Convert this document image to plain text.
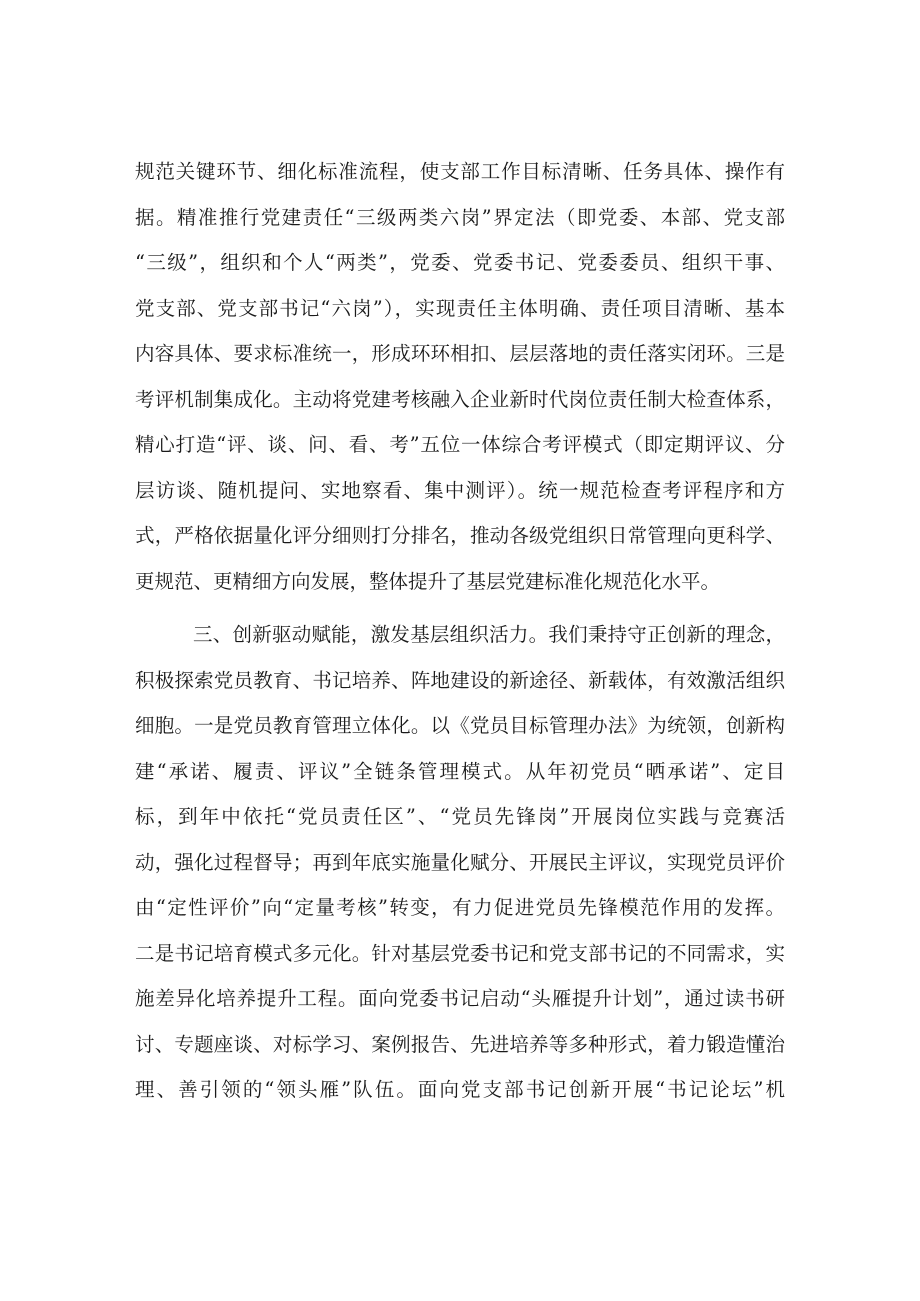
规范关键环节、细化标准流程，使支部工作目标清晰、任务具体、操作有
据。精准推行党建责任“三级两类六岗”界定法（即党委、本部、党支部
“三级”，组织和个人“两类”，党委、党委书记、党委委员、组织干事、
党支部、党支部书记“六岗”），实现责任主体明确、责任项目清晰、基本
内容具体、要求标准统一，形成环环相扣、层层落地的责任落实闭环。三是
考评机制集成化。主动将党建考核融入企业新时代岗位责任制大检查体系，
精心打造“评、谈、问、看、考”五位一体综合考评模式（即定期评议、分
层访谈、随机提问、实地察看、集中测评）。统一规范检查考评程序和方
式，严格依据量化评分细则打分排名，推动各级党组织日常管理向更科学、
更规范、更精细方向发展，整体提升了基层党建标准化规范化水平。
三、创新驱动赋能，激发基层组织活力。我们秉持守正创新的理念，
积极探索党员教育、书记培养、阵地建设的新途径、新载体，有效激活组织
细胞。一是党员教育管理立体化。以《党员目标管理办法》为统领，创新构
建“承诺、履责、评议”全链条管理模式。从年初党员“晒承诺”、定目
标，到年中依托“党员责任区”、“党员先锋岗”开展岗位实践与竞赛活
动，强化过程督导；再到年底实施量化赋分、开展民主评议，实现党员评价
由“定性评价”向“定量考核”转变，有力促进党员先锋模范作用的发挥。
二是书记培育模式多元化。针对基层党委书记和党支部书记的不同需求，实
施差异化培养提升工程。面向党委书记启动“头雁提升计划”，通过读书研
讨、专题座谈、对标学习、案例报告、先进培养等多种形式，着力锻造懂治
理、善引领的“领头雁”队伍。面向党支部书记创新开展“书记论坛”机
